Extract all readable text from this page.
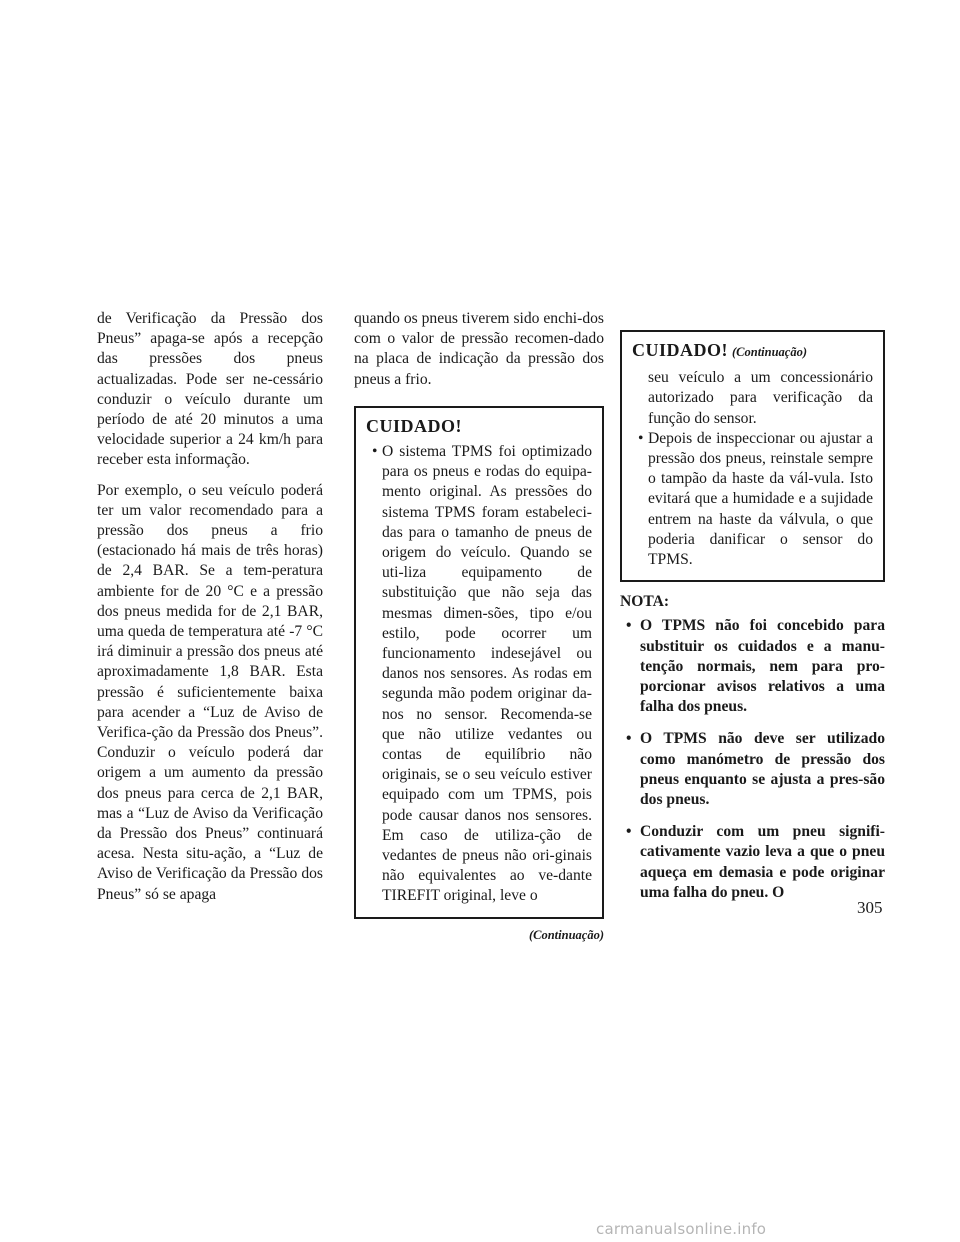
de Verificação da Pressão dos Pneus” apaga-se após a recepção das pressões dos pneus actualizadas. Pode ser ne-cessário conduzir o veículo durante um período de até 20 minutos a uma velocidade superior a 24 km/h para receber esta informação.

Por exemplo, o seu veículo poderá ter um valor recomendado para a pressão dos pneus a frio (estacionado há mais de três horas) de 2,4 BAR. Se a tem-peratura ambiente for de 20 °C e a pressão dos pneus medida for de 2,1 BAR, uma queda de temperatura até -7 °C irá diminuir a pressão dos pneus até aproximadamente 1,8 BAR. Esta pressão é suficientemente baixa para acender a “Luz de Aviso de Verifica-ção da Pressão dos Pneus”. Conduzir o veículo poderá dar origem a um aumento da pressão dos pneus para cerca de 2,1 BAR, mas a “Luz de Aviso da Verificação da Pressão dos Pneus” continuará acesa. Nesta situ-ação, a “Luz de Aviso de Verificação da Pressão dos Pneus” só se apaga

quando os pneus tiverem sido enchi-dos com o valor de pressão recomen-dado na placa de indicação da pressão dos pneus a frio.

CUIDADO!
• O sistema TPMS foi optimizado para os pneus e rodas do equipa-mento original. As pressões do sistema TPMS foram estabeleci-das para o tamanho de pneus de origem do veículo. Quando se uti-liza equipamento de substituição que não seja das mesmas dimen-sões, tipo e/ou estilo, pode ocorrer um funcionamento indesejável ou danos nos sensores. As rodas em segunda mão podem originar da-nos no sensor. Recomenda-se que não utilize vedantes ou contas de equilíbrio não originais, se o seu veículo estiver equipado com um TPMS, pois pode causar danos nos sensores. Em caso de utiliza-ção de vedantes de pneus não ori-ginais não equivalentes ao ve-dante TIREFIT original, leve o
(Continuação)
CUIDADO! (Continuação)
seu veículo a um concessionário autorizado para verificação da função do sensor.
• Depois de inspeccionar ou ajustar a pressão dos pneus, reinstale sempre o tampão da haste da vál-vula. Isto evitará que a humidade e a sujidade entrem na haste da válvula, o que poderia danificar o sensor do TPMS.
NOTA:
• O TPMS não foi concebido para substituir os cuidados e a manu-tenção normais, nem para pro-porcionar avisos relativos a uma falha dos pneus.
• O TPMS não deve ser utilizado como manómetro de pressão dos pneus enquanto se ajusta a pres-são dos pneus.
• Conduzir com um pneu signifi-cativamente vazio leva a que o pneu aqueça em demasia e pode originar uma falha do pneu. O
305
carmanualsonline.info
